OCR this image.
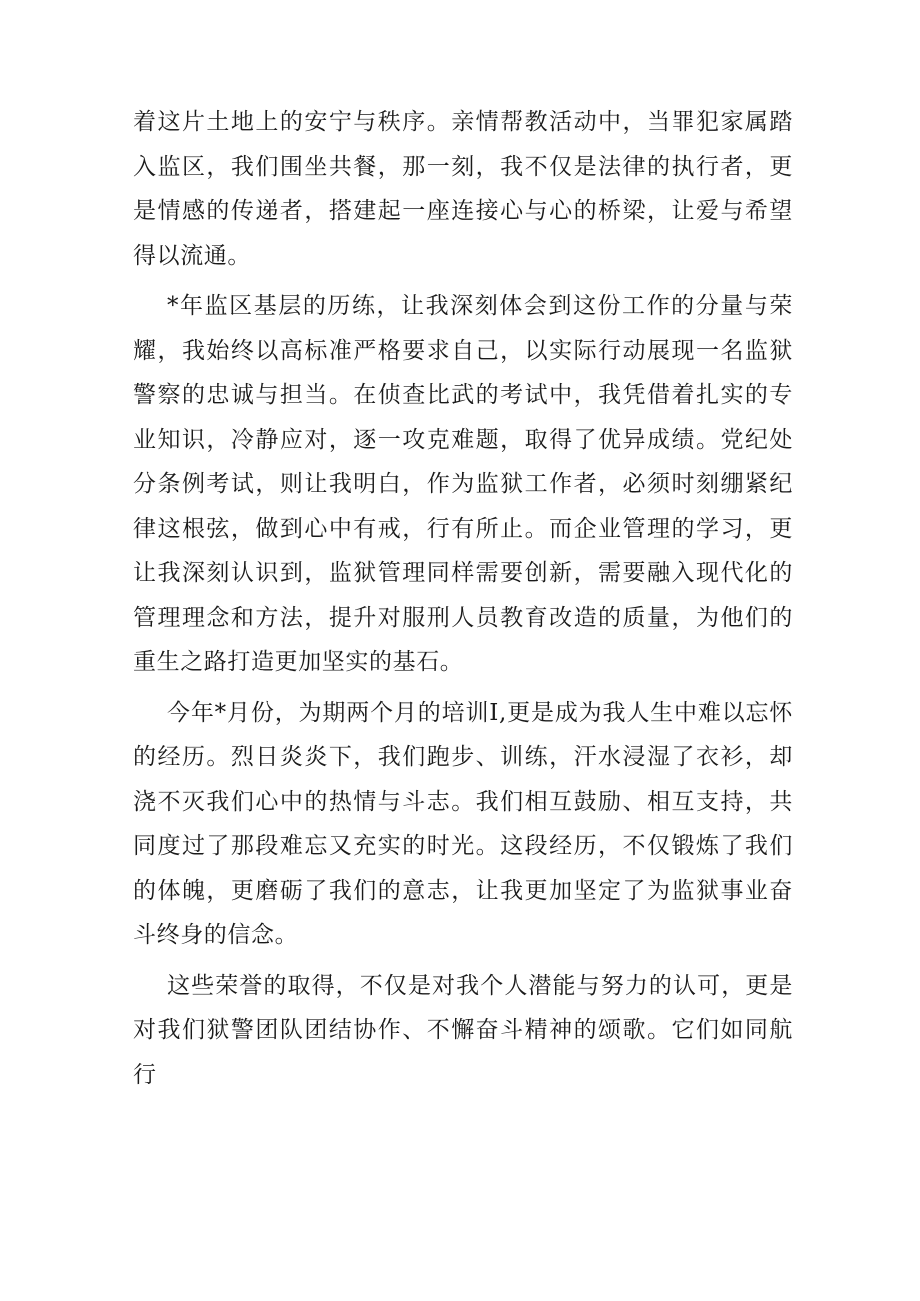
着这片土地上的安宁与秩序。亲情帮教活动中，当罪犯家属踏入监区，我们围坐共餐，那一刻，我不仅是法律的执行者，更是情感的传递者，搭建起一座连接心与心的桥梁，让爱与希望得以流通。

*年监区基层的历练，让我深刻体会到这份工作的分量与荣耀，我始终以高标准严格要求自己，以实际行动展现一名监狱警察的忠诚与担当。在侦查比武的考试中，我凭借着扎实的专业知识，冷静应对，逐一攻克难题，取得了优异成绩。党纪处分条例考试，则让我明白，作为监狱工作者，必须时刻绷紧纪律这根弦，做到心中有戒，行有所止。而企业管理的学习，更让我深刻认识到，监狱管理同样需要创新，需要融入现代化的管理理念和方法，提升对服刑人员教育改造的质量，为他们的重生之路打造更加坚实的基石。

今年*月份，为期两个月的培训I,更是成为我人生中难以忘怀的经历。烈日炎炎下，我们跑步、训练，汗水浸湿了衣衫，却浇不灭我们心中的热情与斗志。我们相互鼓励、相互支持，共同度过了那段难忘又充实的时光。这段经历，不仅锻炼了我们的体魄，更磨砺了我们的意志，让我更加坚定了为监狱事业奋斗终身的信念。

这些荣誉的取得，不仅是对我个人潜能与努力的认可，更是对我们狱警团队团结协作、不懈奋斗精神的颂歌。它们如同航行
